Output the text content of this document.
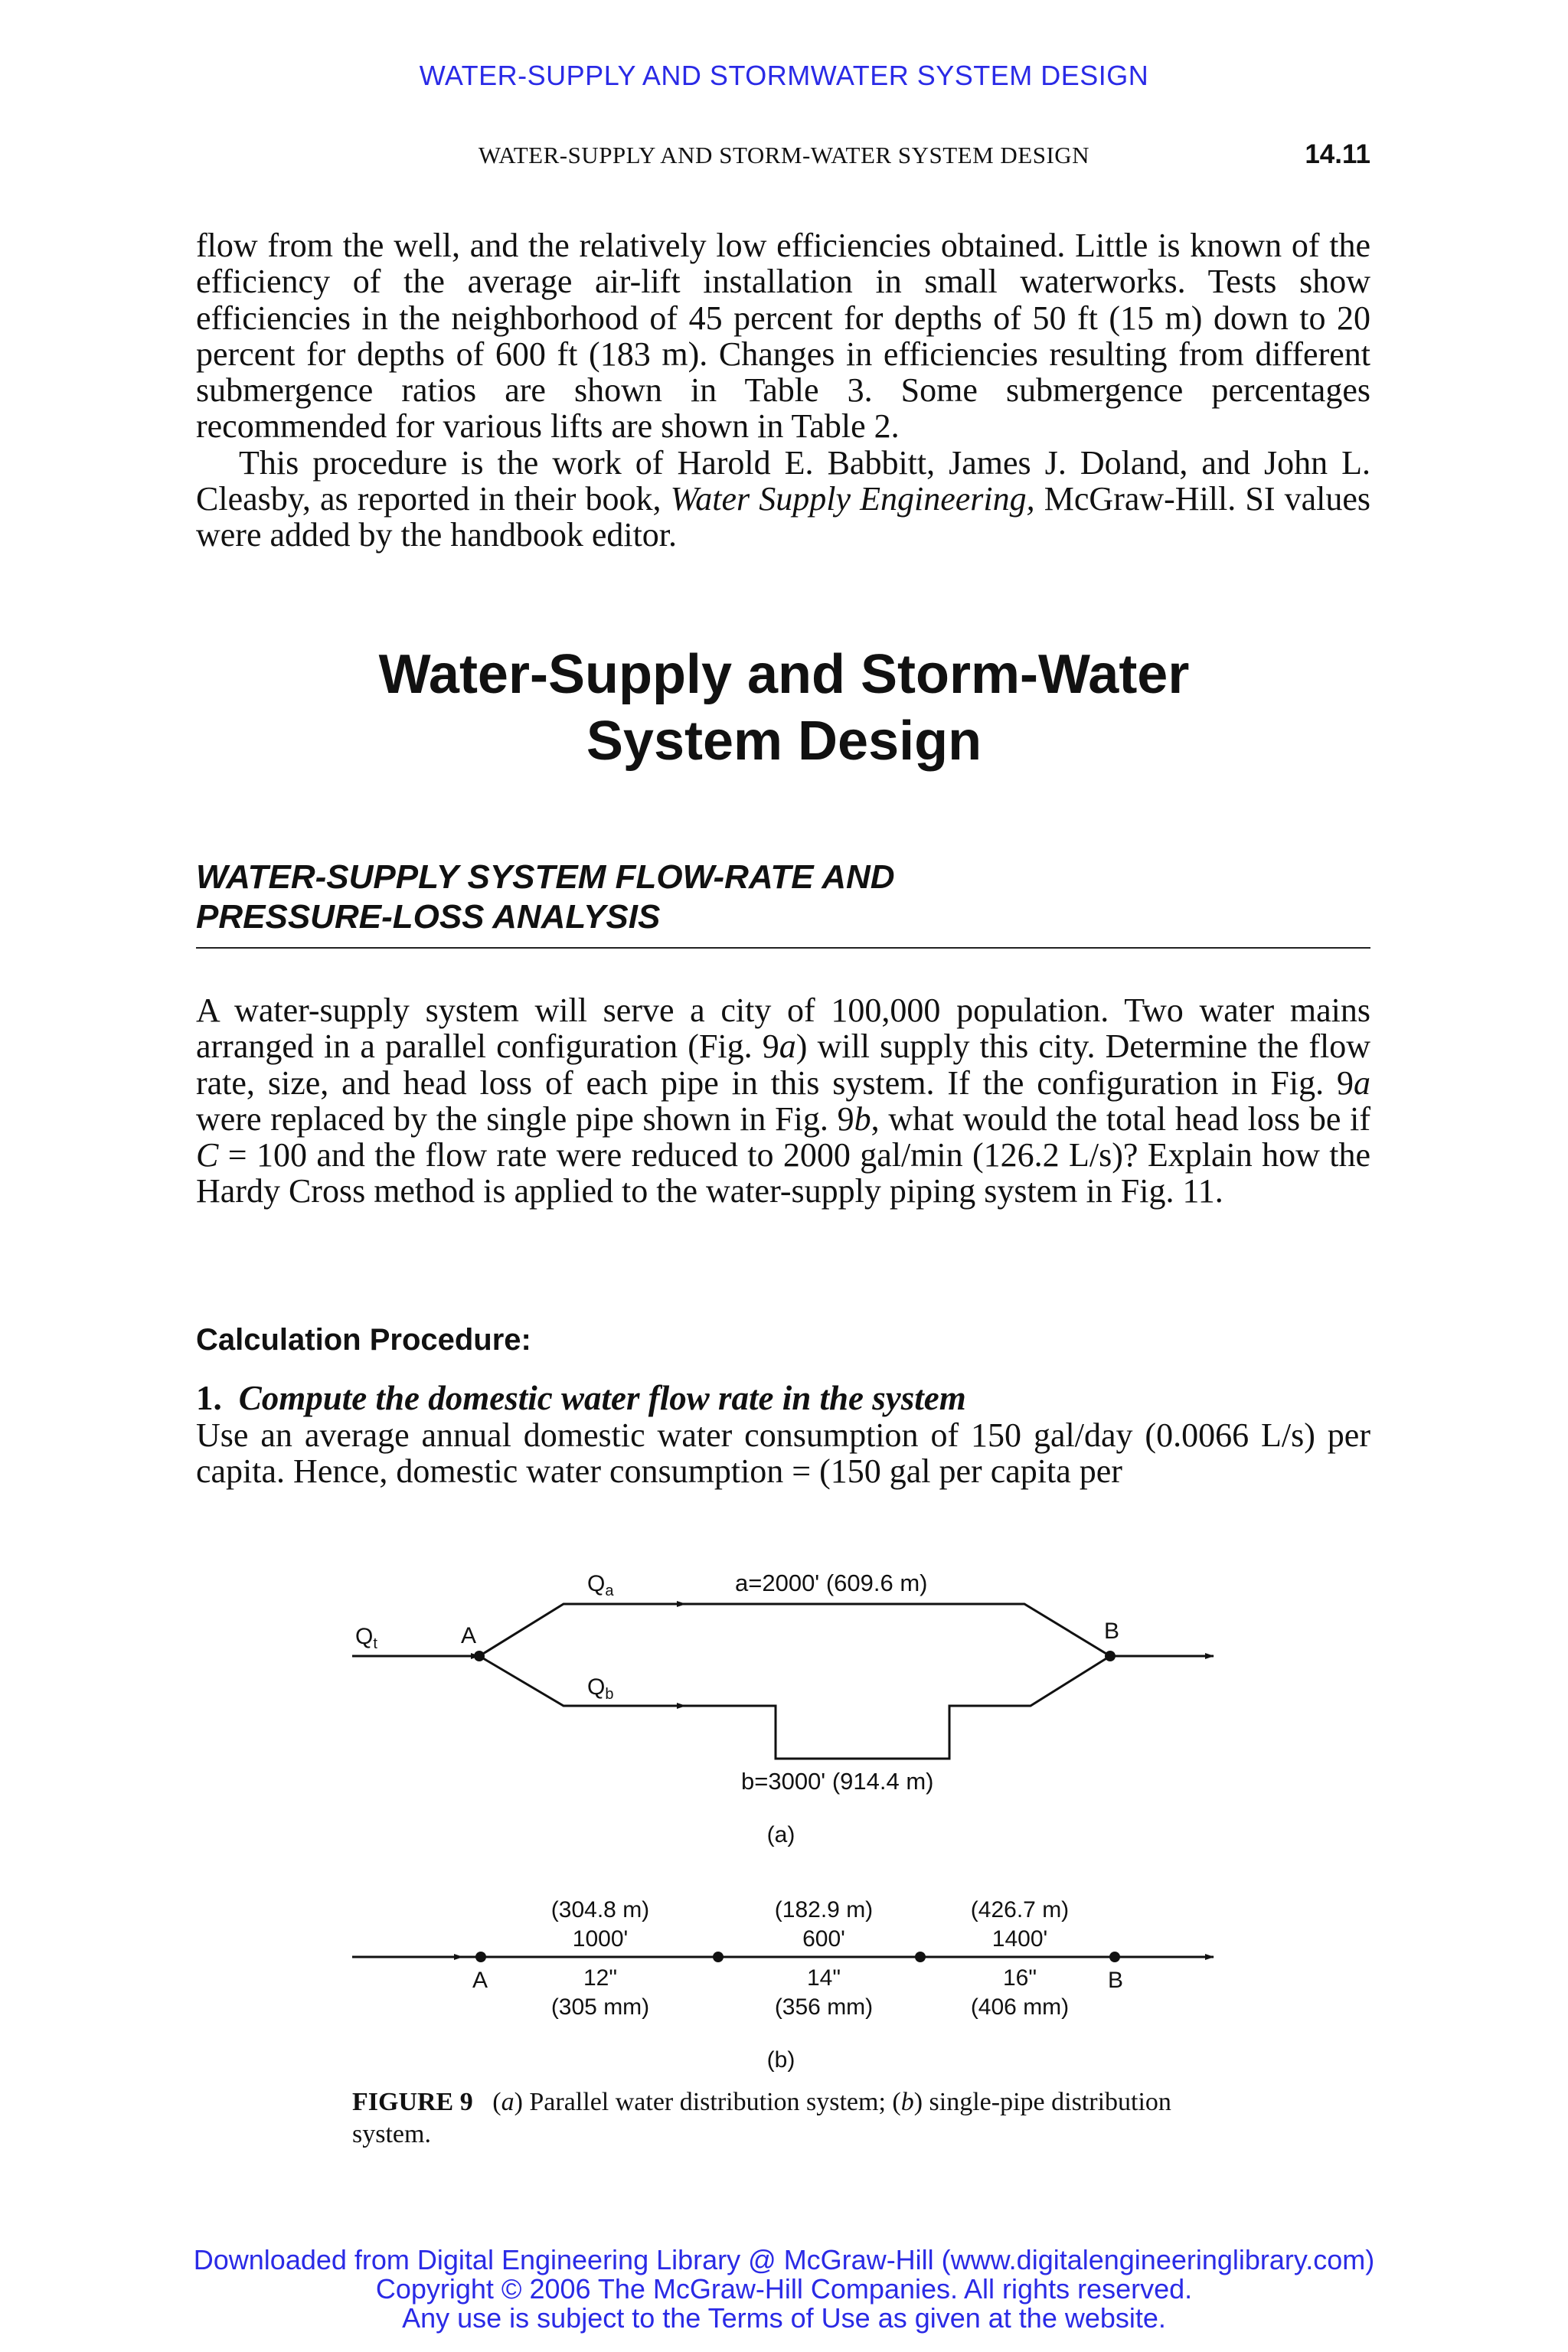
WATER-SUPPLY AND STORMWATER SYSTEM DESIGN
WATER-SUPPLY AND STORM-WATER SYSTEM DESIGN	14.11

flow from the well, and the relatively low efficiencies obtained. Little is known of the efficiency of the average air-lift installation in small waterworks. Tests show efficiencies in the neighborhood of 45 percent for depths of 50 ft (15 m) down to 20 percent for depths of 600 ft (183 m). Changes in efficiencies resulting from different submergence ratios are shown in Table 3. Some submergence percentages recommended for various lifts are shown in Table 2.

This procedure is the work of Harold E. Babbitt, James J. Doland, and John L. Cleasby, as reported in their book, Water Supply Engineering, McGraw-Hill. SI values were added by the handbook editor.

Water-Supply and Storm-Water
System Design
WATER-SUPPLY SYSTEM FLOW-RATE AND
PRESSURE-LOSS ANALYSIS

A water-supply system will serve a city of 100,000 population. Two water mains arranged in a parallel configuration (Fig. 9a) will supply this city. Determine the flow rate, size, and head loss of each pipe in this system. If the configuration in Fig. 9a were replaced by the single pipe shown in Fig. 9b, what would the total head loss be if C = 100 and the flow rate were reduced to 2000 gal/min (126.2 L/s)? Explain how the Hardy Cross method is applied to the water-supply piping system in Fig. 11.

Calculation Procedure:
1. Compute the domestic water flow rate in the system

Use an average annual domestic water consumption of 150 gal/day (0.0066 L/s) per capita. Hence, domestic water consumption = (150 gal per capita per

$Q_t$	A	B
$Q_a$
$Q_b$
a=2000' (609.6 m)
b=3000' (914.4 m)
(a)
A	B
(304.8 m)
1000'
12"
(305 mm)
(182.9 m)
600'
14"
(356 mm)
(426.7 m)
1400'
16"
(406 mm)
(b)
FIGURE 9 (a) Parallel water distribution system; (b) single-pipe distribution system.
Downloaded from Digital Engineering Library @ McGraw-Hill (www.digitalengineeringlibrary.com)
Copyright © 2006 The McGraw-Hill Companies. All rights reserved.
Any use is subject to the Terms of Use as given at the website.
